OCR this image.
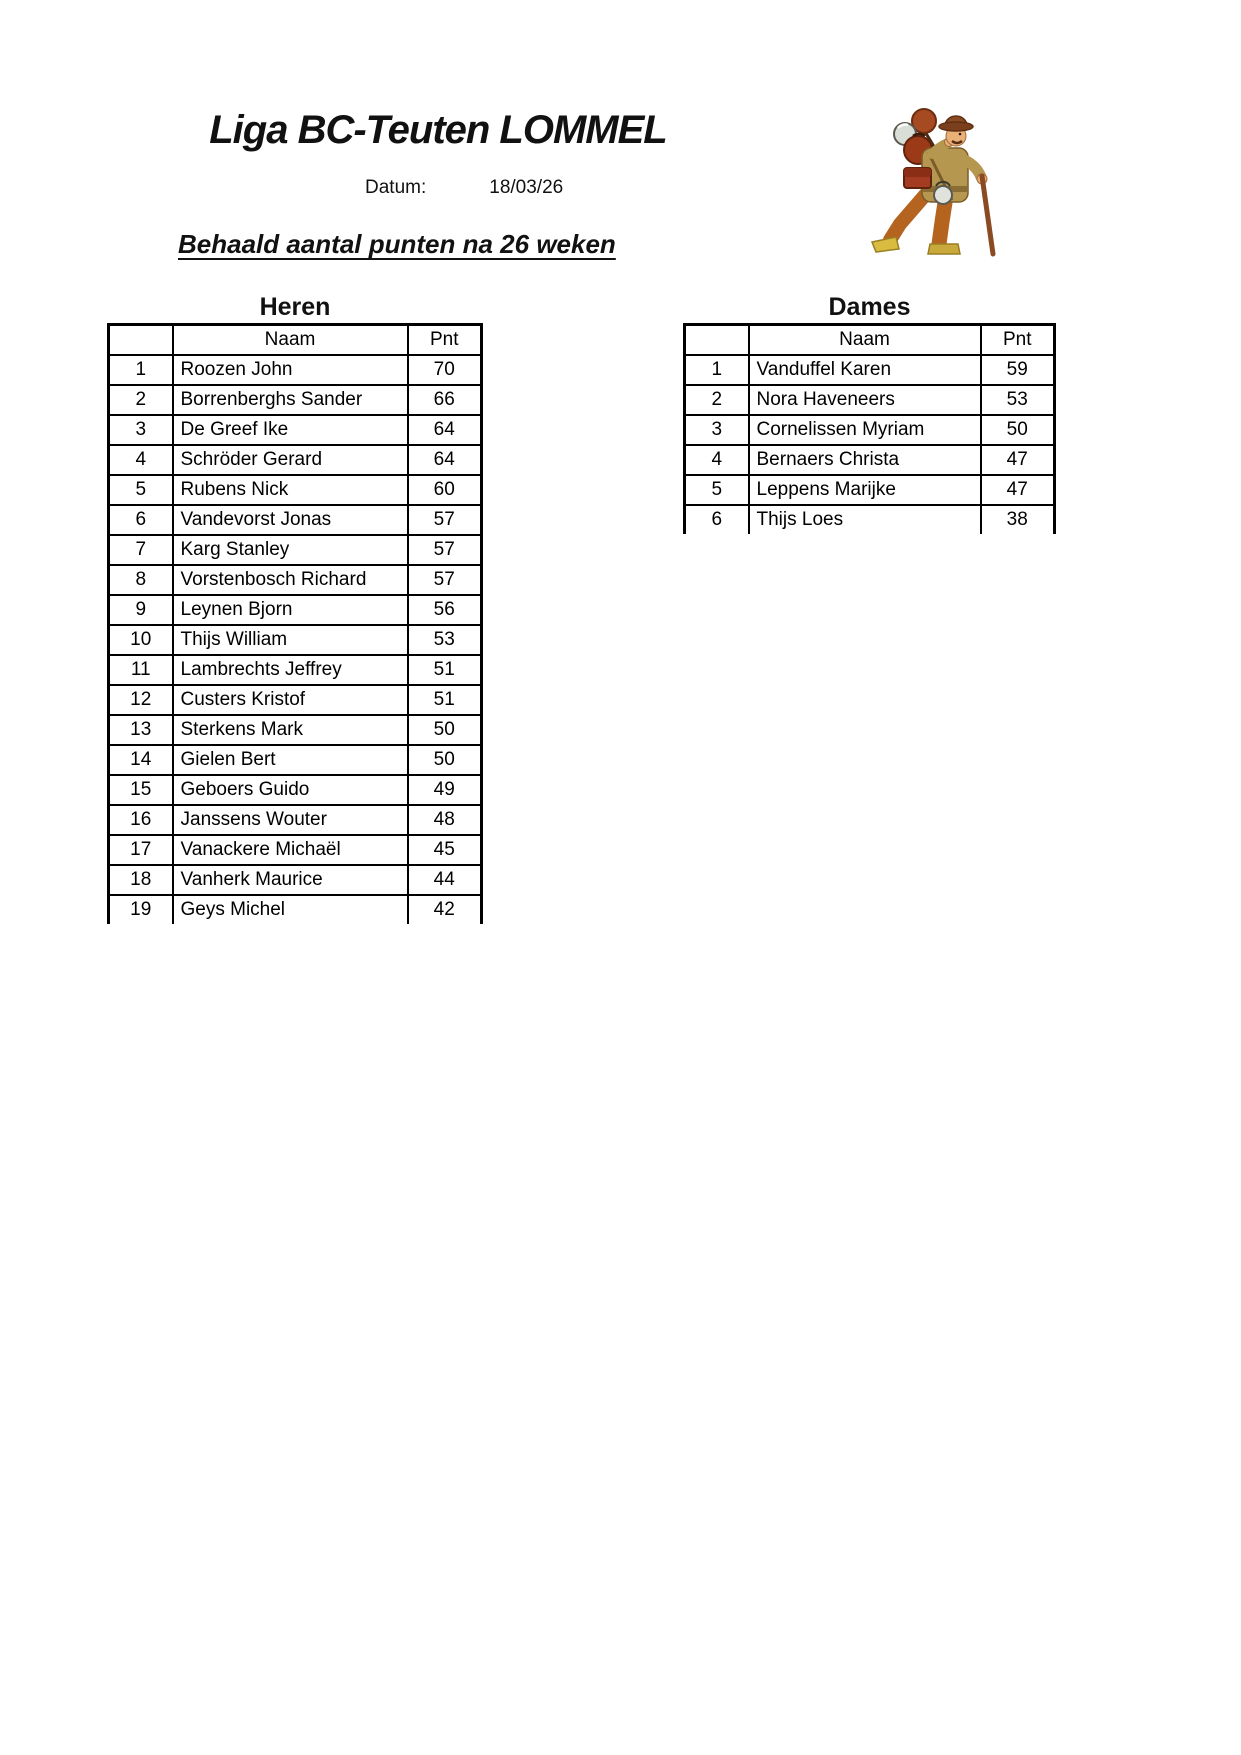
Liga BC-Teuten LOMMEL
Datum:	18/03/26
Behaald aantal punten na 26 weken
Heren
	Naam	Pnt
1	Roozen John	70
2	Borrenberghs Sander	66
3	De Greef Ike	64
4	Schröder Gerard	64
5	Rubens Nick	60
6	Vandevorst Jonas	57
7	Karg Stanley	57
8	Vorstenbosch Richard	57
9	Leynen Bjorn	56
10	Thijs William	53
11	Lambrechts Jeffrey	51
12	Custers Kristof	51
13	Sterkens Mark	50
14	Gielen Bert	50
15	Geboers Guido	49
16	Janssens Wouter	48
17	Vanackere Michaël	45
18	Vanherk Maurice	44
19	Geys Michel	42
Dames
	Naam	Pnt
1	Vanduffel Karen	59
2	Nora Haveneers	53
3	Cornelissen Myriam	50
4	Bernaers Christa	47
5	Leppens Marijke	47
6	Thijs Loes	38
